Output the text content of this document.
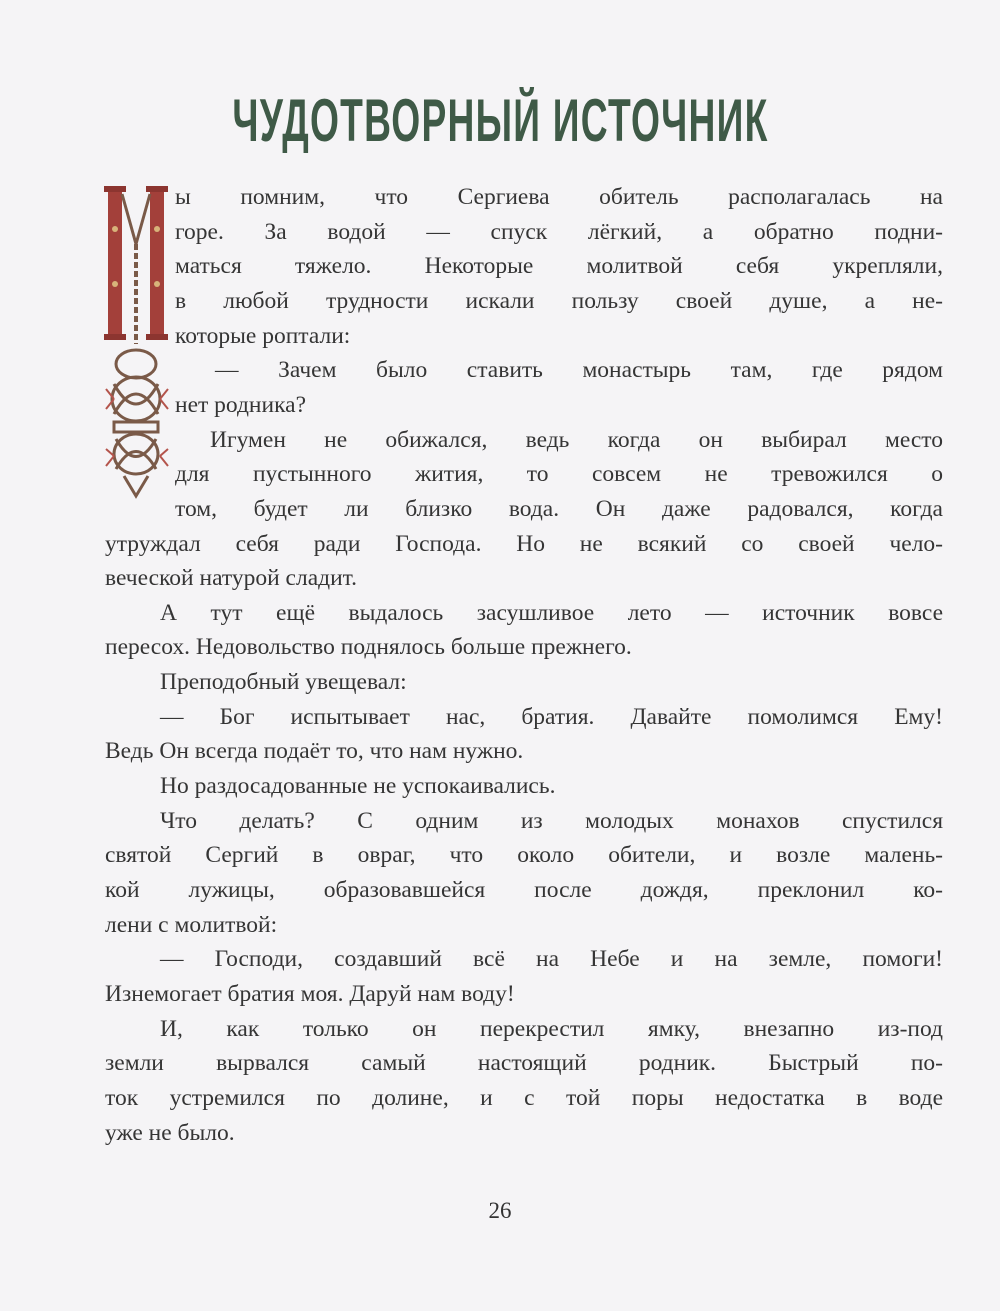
ЧУДОТВОРНЫЙ ИСТОЧНИК
ы помним, что Сергиева обитель располагалась на
горе. За водой — спуск лёгкий, а обратно подни-
маться тяжело. Некоторые молитвой себя укрепляли,
в любой трудности искали пользу своей душе, а не-
которые роптали:
— Зачем было ставить монастырь там, где рядом
нет родника?
Игумен не обижался, ведь когда он выбирал место
для пустынного жития, то совсем не тревожился о
том, будет ли близко вода. Он даже радовался, когда
утруждал себя ради Господа. Но не всякий со своей чело-
веческой натурой сладит.
А тут ещё выдалось засушливое лето — источник вовсе
пересох. Недовольство поднялось больше прежнего.
Преподобный увещевал:
— Бог испытывает нас, братия. Давайте помолимся Ему!
Ведь Он всегда подаёт то, что нам нужно.
Но раздосадованные не успокаивались.
Что делать? С одним из молодых монахов спустился
святой Сергий в овраг, что около обители, и возле малень-
кой лужицы, образовавшейся после дождя, преклонил ко-
лени с молитвой:
— Господи, создавший всё на Небе и на земле, помоги!
Изнемогает братия моя. Даруй нам воду!
И, как только он перекрестил ямку, внезапно из-под
земли вырвался самый настоящий родник. Быстрый по-
ток устремился по долине, и с той поры недостатка в воде
уже не было.
26
